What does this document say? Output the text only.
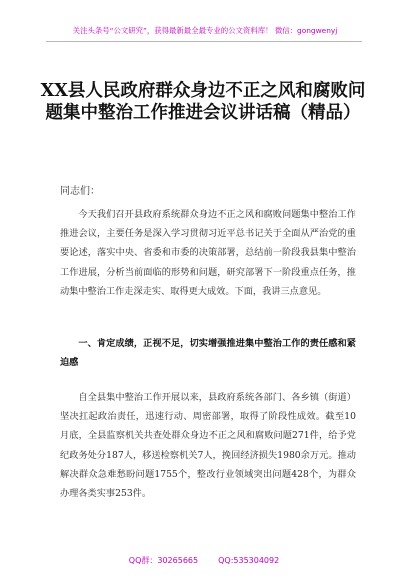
关注头条号“公文研究”，获得最新最全最专业的公文资料库！ 微信：gongwenyj
XX县人民政府群众身边不正之风和腐败问题集中整治工作推进会议讲话稿（精品）
同志们：
今天我们召开县政府系统群众身边不正之风和腐败问题集中整治工作推进会议，主要任务是深入学习贯彻习近平总书记关于全面从严治党的重要论述，落实中央、省委和市委的决策部署，总结前一阶段我县集中整治工作进展，分析当前面临的形势和问题，研究部署下一阶段重点任务，推动集中整治工作走深走实、取得更大成效。下面，我讲三点意见。
一、肯定成绩，正视不足，切实增强推进集中整治工作的责任感和紧迫感
自全县集中整治工作开展以来，县政府系统各部门、各乡镇（街道）坚决扛起政治责任，迅速行动、周密部署，取得了阶段性成效。截至10月底，全县监察机关共查处群众身边不正之风和腐败问题271件，给予党纪政务处分187人，移送检察机关7人，挽回经济损失1980余万元。推动解决群众急难愁盼问题1755个，整改行业领域突出问题428个，为群众办理各类实事253件。
QQ群：30265665	QQ:535304092
